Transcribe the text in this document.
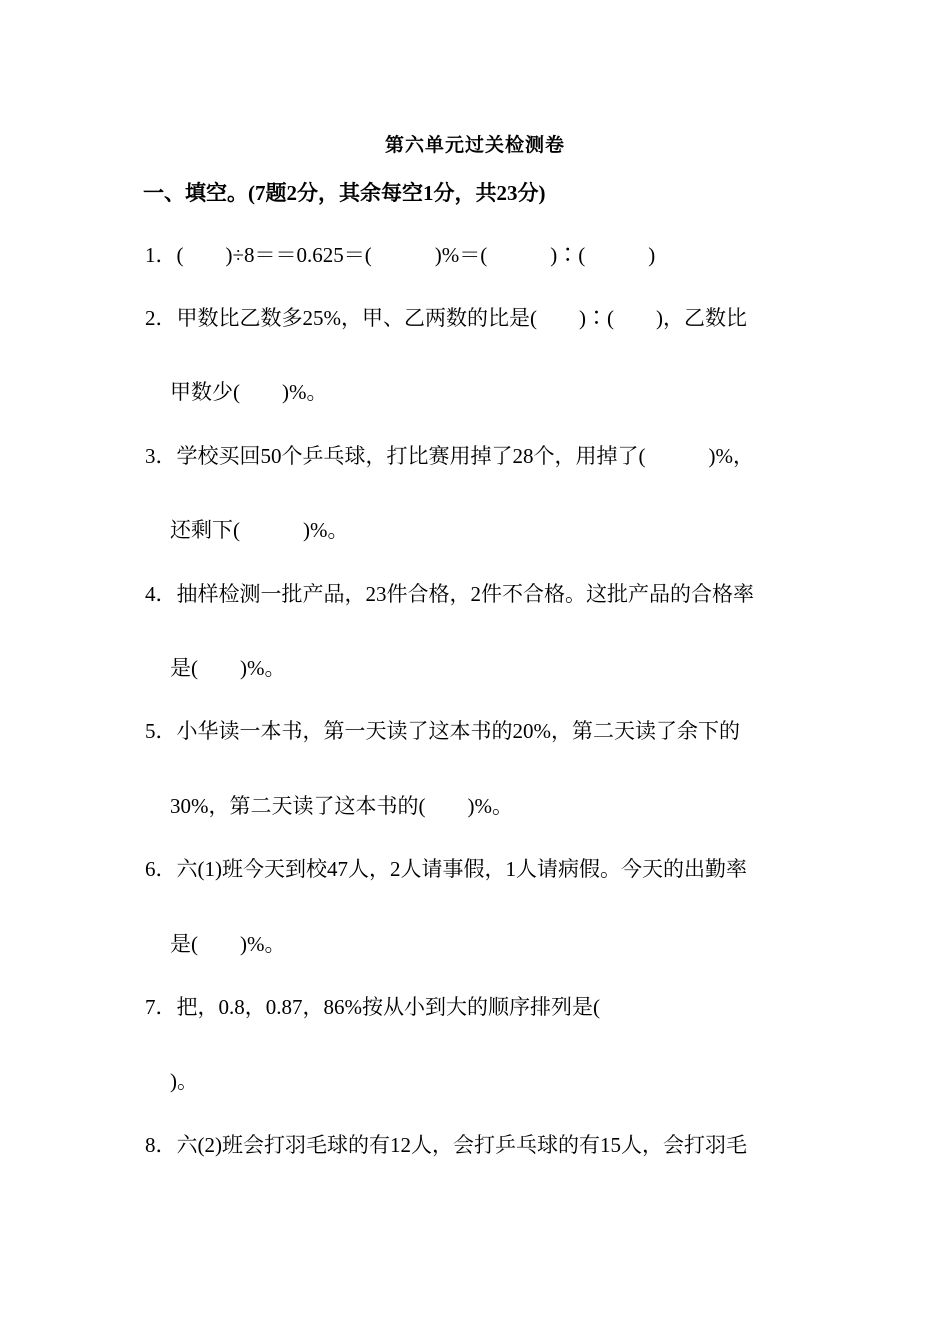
第六单元过关检测卷
一、填空。(7题2分，其余每空1分，共23分)
1．(　　)÷8＝＝0.625＝(　　　)%＝(　　　)∶(　　　)
2．甲数比乙数多25%，甲、乙两数的比是(　　)∶(　　)，乙数比
甲数少(　　)%。
3．学校买回50个乒乓球，打比赛用掉了28个，用掉了(　　　)%，
还剩下(　　　)%。
4．抽样检测一批产品，23件合格，2件不合格。这批产品的合格率
是(　　)%。
5．小华读一本书，第一天读了这本书的20%，第二天读了余下的
30%，第二天读了这本书的(　　)%。
6．六(1)班今天到校47人，2人请事假，1人请病假。今天的出勤率
是(　　)%。
7．把，0.8，0.87，86%按从小到大的顺序排列是(
)。
8．六(2)班会打羽毛球的有12人，会打乒乓球的有15人，会打羽毛
